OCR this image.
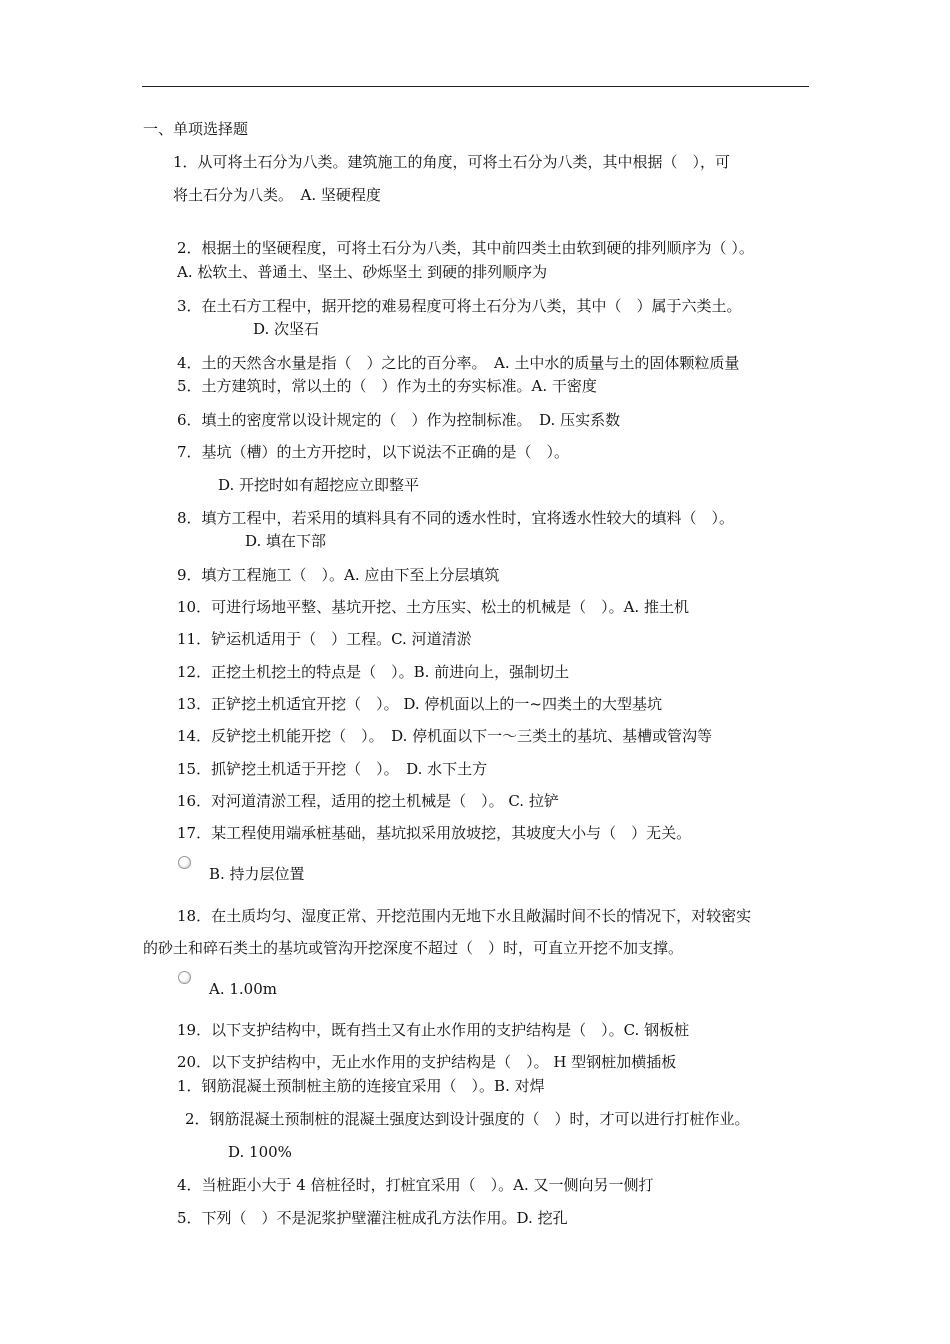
一、单项选择题
1．从可将土石分为八类。建筑施工的角度，可将土石分为八类，其中根据（　），可
将土石分为八类。　A. 坚硬程度
2．根据土的坚硬程度，可将土石分为八类，其中前四类土由软到硬的排列顺序为（ ）。
A. 松软土、普通土、坚土、砂烁坚土 到硬的排列顺序为
3．在土石方工程中，据开挖的难易程度可将土石分为八类，其中（　）属于六类土。
D. 次坚石
4．土的天然含水量是指（　）之比的百分率。　A. 土中水的质量与土的固体颗粒质量
5．土方建筑时，常以土的（　）作为土的夯实标准。A. 干密度
6．填土的密度常以设计规定的（　）作为控制标准。　D. 压实系数
7．基坑（槽）的土方开挖时，以下说法不正确的是（　）。
D. 开挖时如有超挖应立即整平
8．填方工程中，若采用的填料具有不同的透水性时，宜将透水性较大的填料（　）。
D. 填在下部
9．填方工程施工（　）。A. 应由下至上分层填筑
10．可进行场地平整、基坑开挖、土方压实、松土的机械是（　）。A. 推土机
11．铲运机适用于（　）工程。C. 河道清淤
12．正挖土机挖土的特点是（　）。B. 前进向上，强制切土
13．正铲挖土机适宜开挖（　）。 D. 停机面以上的一~四类土的大型基坑
14．反铲挖土机能开挖（　）。　D. 停机面以下一～三类土的基坑、基槽或管沟等
15．抓铲挖土机适于开挖（　）。　D. 水下土方
16．对河道清淤工程，适用的挖土机械是（　）。 C. 拉铲
17．某工程使用端承桩基础，基坑拟采用放坡挖，其坡度大小与（　）无关。
B. 持力层位置
18．在土质均匀、湿度正常、开挖范围内无地下水且敞漏时间不长的情况下，对较密实
的砂土和碎石类土的基坑或管沟开挖深度不超过（　）时，可直立开挖不加支撑。
A. 1.00m
19．以下支护结构中，既有挡土又有止水作用的支护结构是（　）。C. 钢板桩
20．以下支护结构中，无止水作用的支护结构是（　）。 H 型钢桩加横插板
1．钢筋混凝土预制桩主筋的连接宜采用（　）。B. 对焊
2．钢筋混凝土预制桩的混凝土强度达到设计强度的（　）时，才可以进行打桩作业。
D. 100%
4．当桩距小大于 4 倍桩径时，打桩宜采用（　）。A. 又一侧向另一侧打
5．下列（　）不是泥浆护壁灌注桩成孔方法作用。D. 挖孔
